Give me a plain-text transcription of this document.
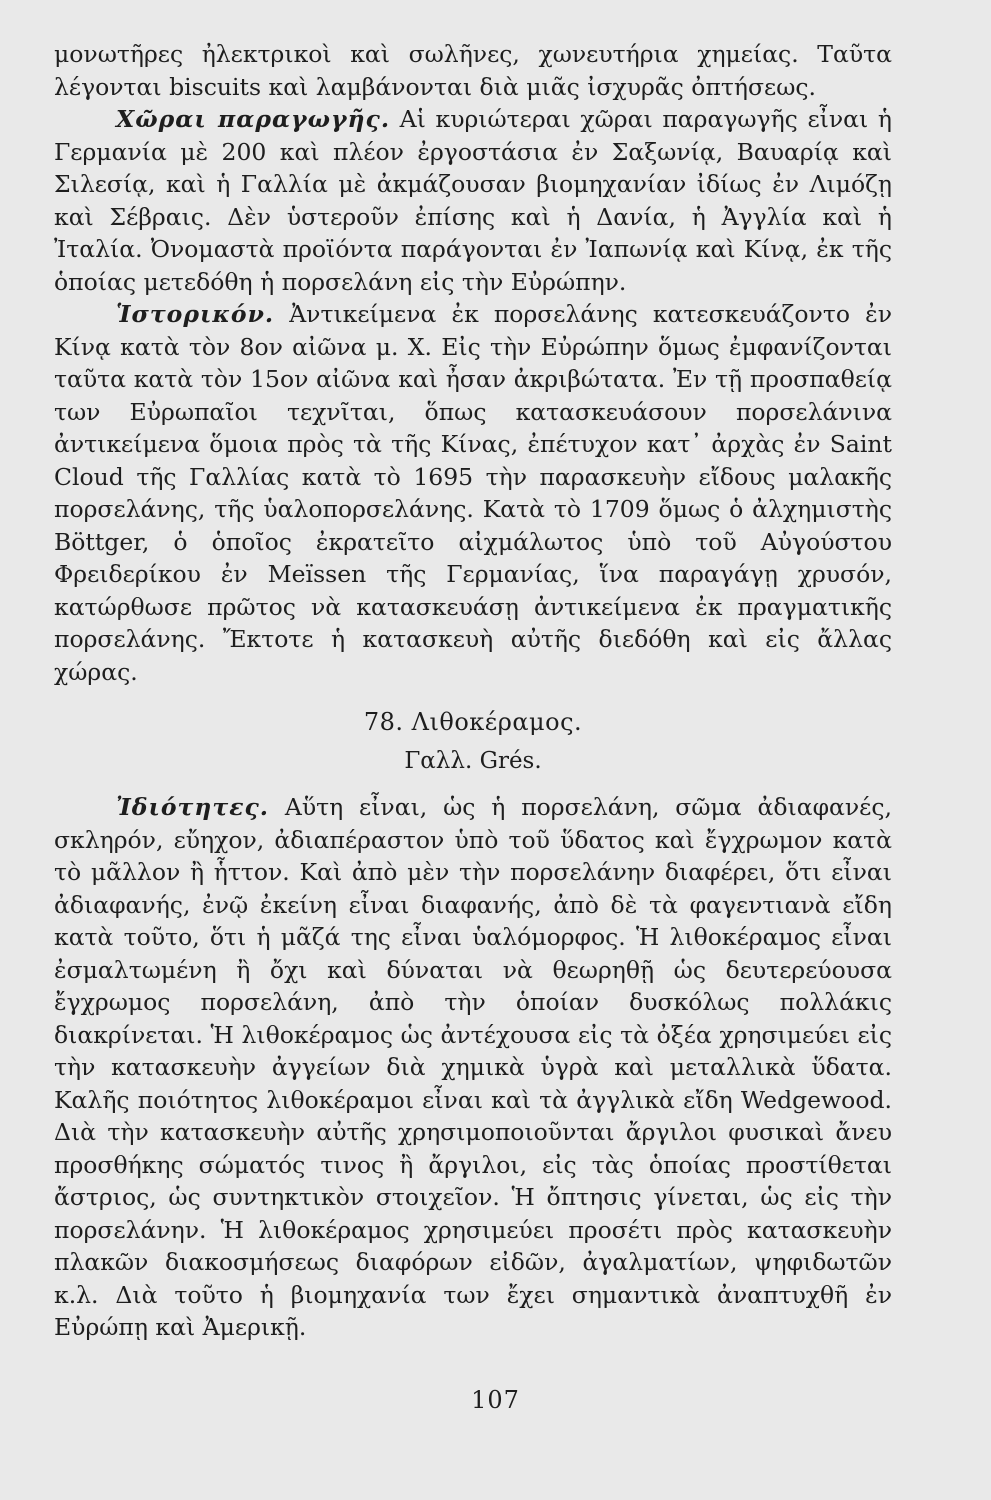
μονωτῆρες ἠλεκτρικοὶ καὶ σωλῆνες, χωνευτήρια χημείας. Ταῦτα λέγονται biscuits καὶ λαμβάνονται διὰ μιᾶς ἰσχυρᾶς ὀπτήσεως.

Χῶραι παραγωγῆς. Αἱ κυριώτεραι χῶραι παραγωγῆς εἶναι ἡ Γερμανία μὲ 200 καὶ πλέον ἐργοστάσια ἐν Σαξωνίᾳ, Βαυαρίᾳ καὶ Σιλεσίᾳ, καὶ ἡ Γαλλία μὲ ἀκμάζουσαν βιομηχανίαν ἰδίως ἐν Λιμόζῃ καὶ Σέβραις. Δὲν ὑστεροῦν ἐπίσης καὶ ἡ Δανία, ἡ Ἀγγλία καὶ ἡ Ἰταλία. Ὀνομαστὰ προϊόντα παράγονται ἐν Ἰαπωνίᾳ καὶ Κίνᾳ, ἐκ τῆς ὁποίας μετεδόθη ἡ πορσελάνη εἰς τὴν Εὐρώπην.

Ἱστορικόν. Ἀντικείμενα ἐκ πορσελάνης κατεσκευάζοντο ἐν Κίνᾳ κατὰ τὸν 8ον αἰῶνα μ. Χ. Εἰς τὴν Εὐρώπην ὅμως ἐμφανίζονται ταῦτα κατὰ τὸν 15ον αἰῶνα καὶ ἦσαν ἀκριβώτατα. Ἐν τῇ προσπαθείᾳ των Εὐρωπαῖοι τεχνῖται, ὅπως κατασκευάσουν πορσελάνινα ἀντικείμενα ὅμοια πρὸς τὰ τῆς Κίνας, ἐπέτυχον κατ᾽ ἀρχὰς ἐν Saint Cloud τῆς Γαλλίας κατὰ τὸ 1695 τὴν παρασκευὴν εἴδους μαλακῆς πορσελάνης, τῆς ὑαλοπορσελάνης. Κατὰ τὸ 1709 ὅμως ὁ ἀλχημιστὴς Böttger, ὁ ὁποῖος ἐκρατεῖτο αἰχμάλωτος ὑπὸ τοῦ Αὐγούστου Φρειδερίκου ἐν Meïssen τῆς Γερμανίας, ἵνα παραγάγῃ χρυσόν, κατώρθωσε πρῶτος νὰ κατασκευάσῃ ἀντικείμενα ἐκ πραγματικῆς πορσελάνης. Ἔκτοτε ἡ κατασκευὴ αὐτῆς διεδόθη καὶ εἰς ἄλλας χώρας.

78. Λιθοκέραμος.
Γαλλ. Grés.

Ἰδιότητες. Αὕτη εἶναι, ὡς ἡ πορσελάνη, σῶμα ἀδιαφανές, σκληρόν, εὔηχον, ἀδιαπέραστον ὑπὸ τοῦ ὕδατος καὶ ἔγχρωμον κατὰ τὸ μᾶλλον ἢ ἧττον. Καὶ ἀπὸ μὲν τὴν πορσελάνην διαφέρει, ὅτι εἶναι ἀδιαφανής, ἐνῷ ἐκείνη εἶναι διαφανής, ἀπὸ δὲ τὰ φαγεντιανὰ εἴδη κατὰ τοῦτο, ὅτι ἡ μᾶζά της εἶναι ὑαλόμορφος. Ἡ λιθοκέραμος εἶναι ἐσμαλτωμένη ἢ ὄχι καὶ δύναται νὰ θεωρηθῇ ὡς δευτερεύουσα ἔγχρωμος πορσελάνη, ἀπὸ τὴν ὁποίαν δυσκόλως πολλάκις διακρίνεται. Ἡ λιθοκέραμος ὡς ἀντέχουσα εἰς τὰ ὀξέα χρησιμεύει εἰς τὴν κατασκευὴν ἀγγείων διὰ χημικὰ ὑγρὰ καὶ μεταλλικὰ ὕδατα. Καλῆς ποιότητος λιθοκέραμοι εἶναι καὶ τὰ ἀγγλικὰ εἴδη Wedgewood. Διὰ τὴν κατασκευὴν αὐτῆς χρησιμοποιοῦνται ἄργιλοι φυσικαὶ ἄνευ προσθήκης σώματός τινος ἢ ἄργιλοι, εἰς τὰς ὁποίας προστίθεται ἄστριος, ὡς συντηκτικὸν στοιχεῖον. Ἡ ὄπτησις γίνεται, ὡς εἰς τὴν πορσελάνην. Ἡ λιθοκέραμος χρησιμεύει προσέτι πρὸς κατασκευὴν πλακῶν διακοσμήσεως διαφόρων εἰδῶν, ἀγαλματίων, ψηφιδωτῶν κ.λ. Διὰ τοῦτο ἡ βιομηχανία των ἔχει σημαντικὰ ἀναπτυχθῆ ἐν Εὐρώπῃ καὶ Ἀμερικῇ.

107
